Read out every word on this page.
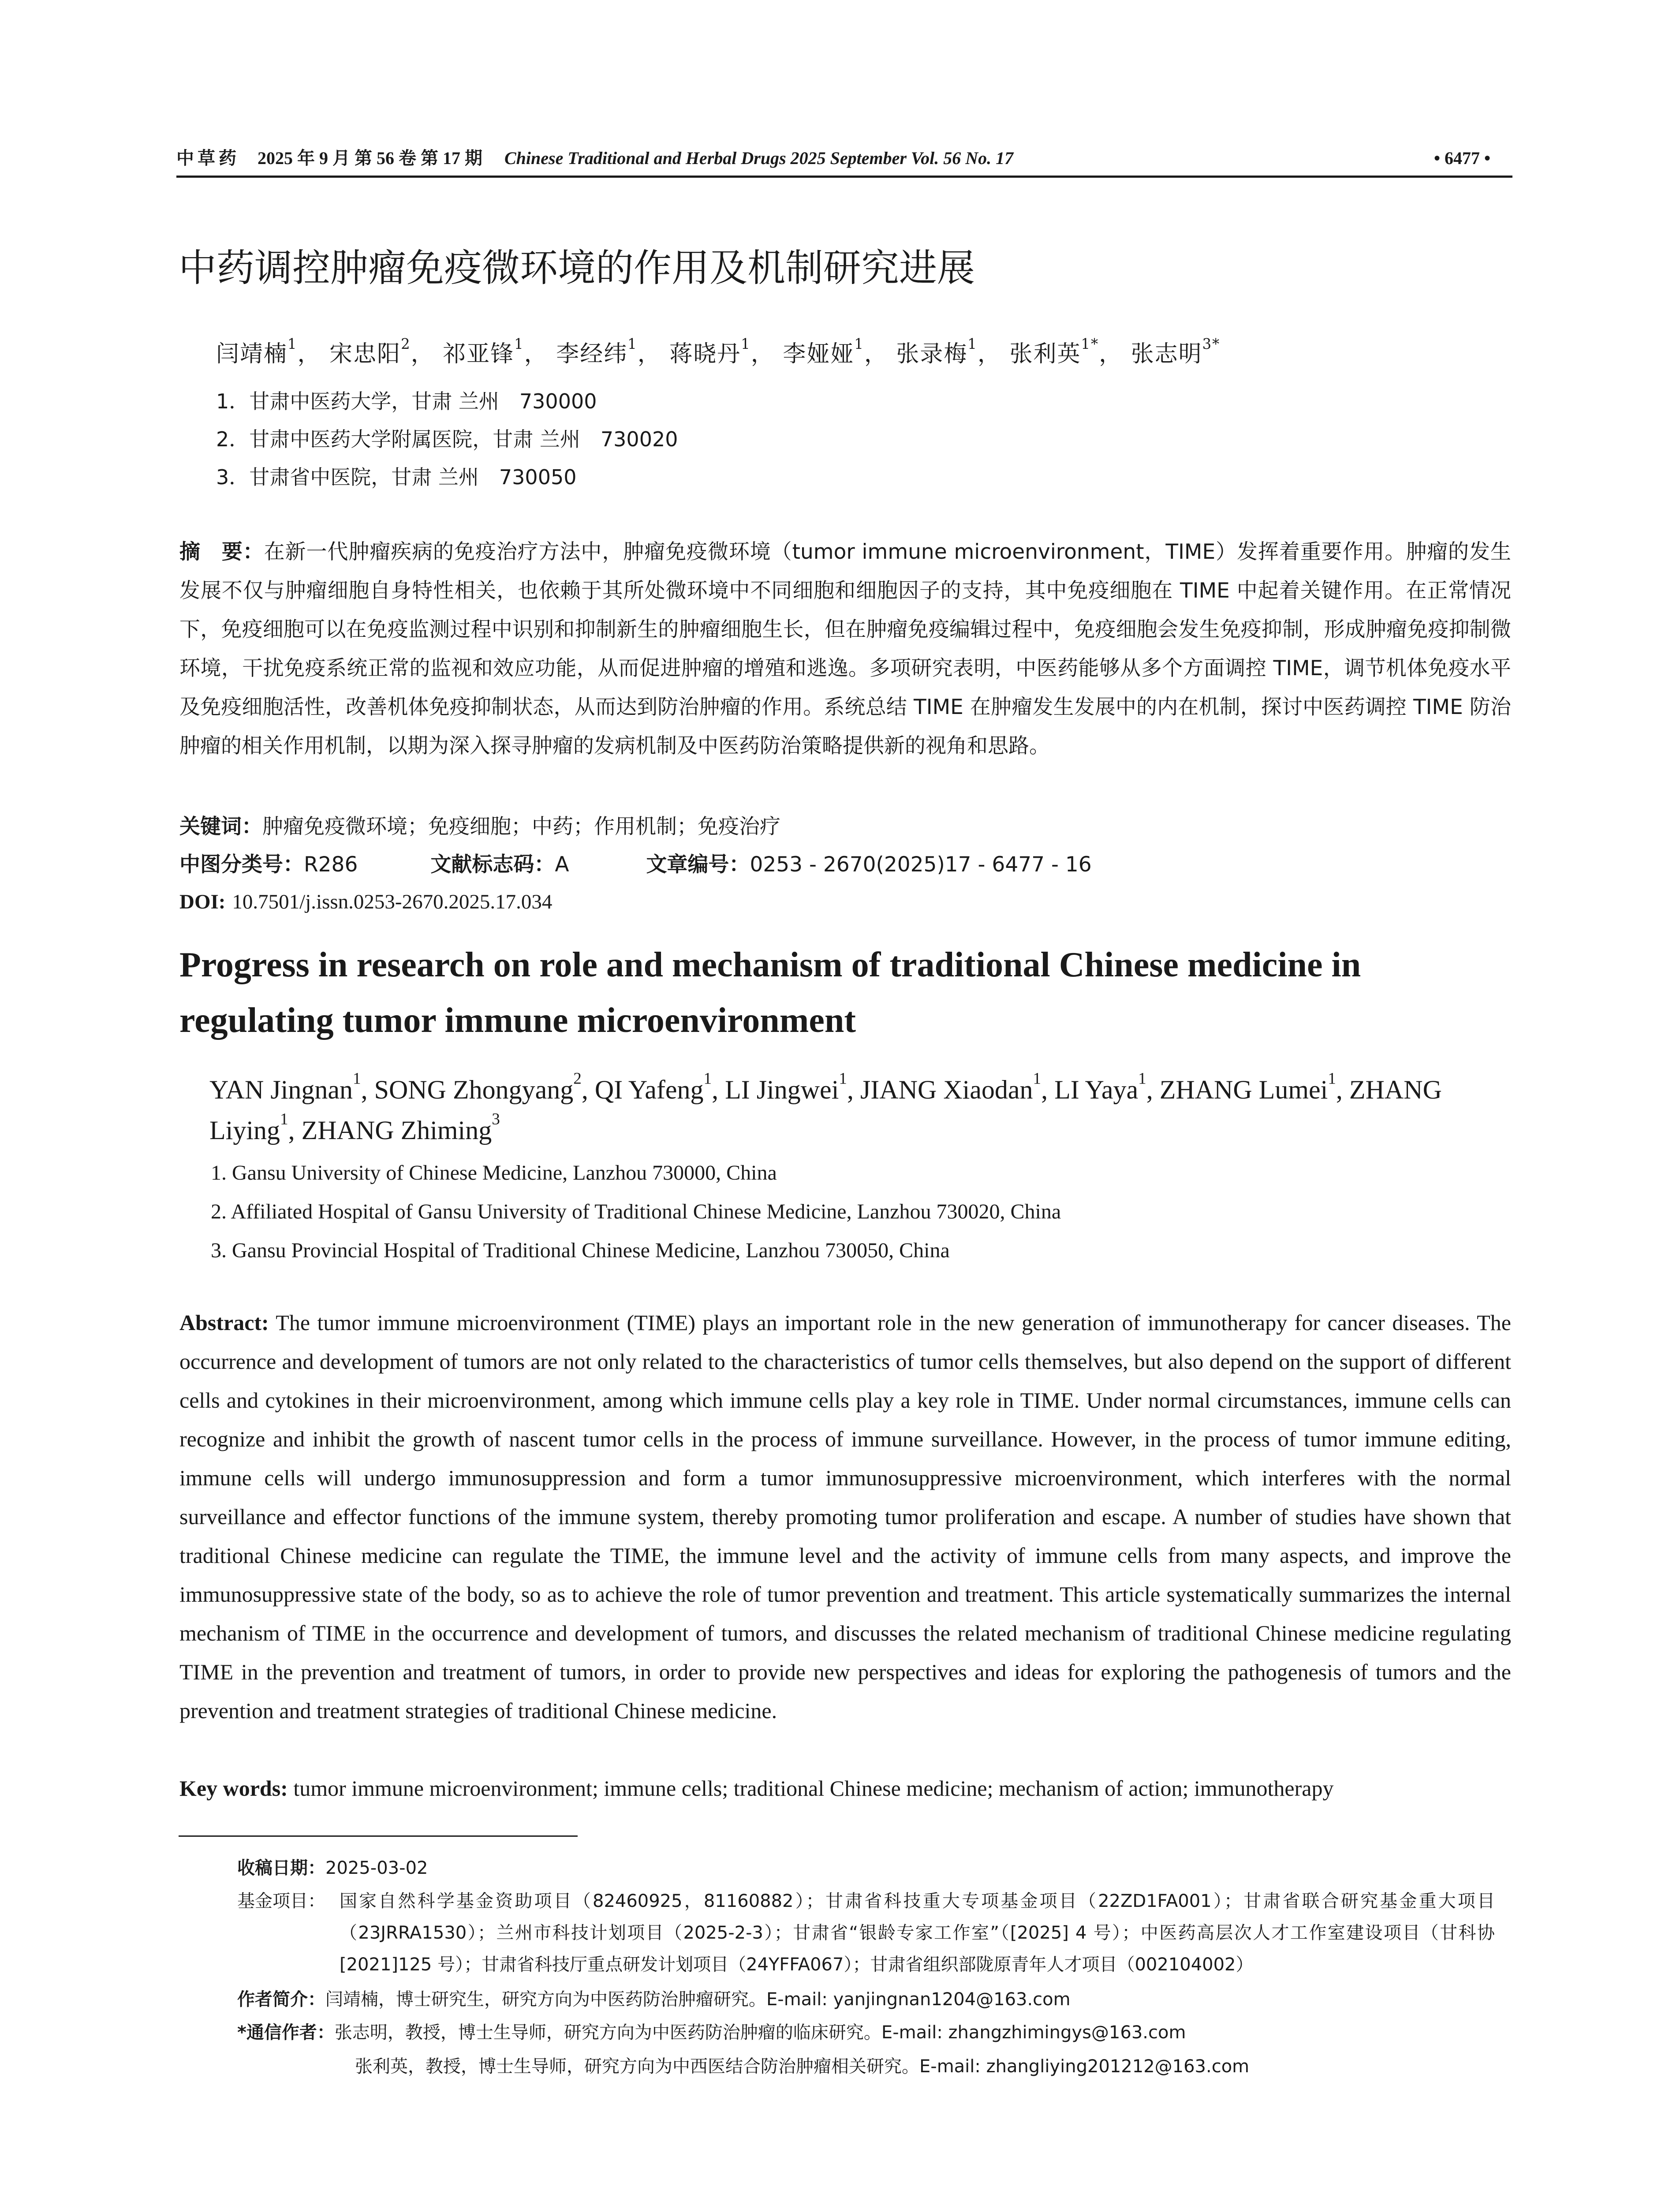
中草药 2025 年 9 月 第 56 卷 第 17 期 Chinese Traditional and Herbal Drugs 2025 September Vol. 56 No. 17	• 6477 •
中药调控肿瘤免疫微环境的作用及机制研究进展
闫靖楠$^1$， 宋忠阳$^2$， 祁亚锋$^1$， 李经纬$^1$， 蒋晓丹$^1$， 李娅娅$^1$， 张录梅$^1$， 张利英$^{1*}$， 张志明$^{3*}$
1．甘肃中医药大学，甘肃 兰州　730000
2．甘肃中医药大学附属医院，甘肃 兰州　730020
3．甘肃省中医院，甘肃 兰州　730050
摘　要：在新一代肿瘤疾病的免疫治疗方法中，肿瘤免疫微环境（tumor immune microenvironment，TIME）发挥着重要作用。肿瘤的发生发展不仅与肿瘤细胞自身特性相关，也依赖于其所处微环境中不同细胞和细胞因子的支持，其中免疫细胞在 TIME 中起着关键作用。在正常情况下，免疫细胞可以在免疫监测过程中识别和抑制新生的肿瘤细胞生长，但在肿瘤免疫编辑过程中，免疫细胞会发生免疫抑制，形成肿瘤免疫抑制微环境，干扰免疫系统正常的监视和效应功能，从而促进肿瘤的增殖和逃逸。多项研究表明，中医药能够从多个方面调控 TIME，调节机体免疫水平及免疫细胞活性，改善机体免疫抑制状态，从而达到防治肿瘤的作用。系统总结 TIME 在肿瘤发生发展中的内在机制，探讨中医药调控 TIME 防治肿瘤的相关作用机制，以期为深入探寻肿瘤的发病机制及中医药防治策略提供新的视角和思路。
关键词：肿瘤免疫微环境；免疫细胞；中药；作用机制；免疫治疗
中图分类号：R286	文献标志码：A	文章编号：0253 - 2670(2025)17 - 6477 - 16
DOI: 10.7501/j.issn.0253-2670.2025.17.034
Progress in research on role and mechanism of traditional Chinese medicine in regulating tumor immune microenvironment
YAN Jingnan$^1$, SONG Zhongyang$^2$, QI Yafeng$^1$, LI Jingwei$^1$, JIANG Xiaodan$^1$, LI Yaya$^1$, ZHANG Lumei$^1$, ZHANG Liying$^1$, ZHANG Zhiming$^3$
1. Gansu University of Chinese Medicine, Lanzhou 730000, China
2. Affiliated Hospital of Gansu University of Traditional Chinese Medicine, Lanzhou 730020, China
3. Gansu Provincial Hospital of Traditional Chinese Medicine, Lanzhou 730050, China
Abstract: The tumor immune microenvironment (TIME) plays an important role in the new generation of immunotherapy for cancer diseases. The occurrence and development of tumors are not only related to the characteristics of tumor cells themselves, but also depend on the support of different cells and cytokines in their microenvironment, among which immune cells play a key role in TIME. Under normal circumstances, immune cells can recognize and inhibit the growth of nascent tumor cells in the process of immune surveillance. However, in the process of tumor immune editing, immune cells will undergo immunosuppression and form a tumor immunosuppressive microenvironment, which interferes with the normal surveillance and effector functions of the immune system, thereby promoting tumor proliferation and escape. A number of studies have shown that traditional Chinese medicine can regulate the TIME, the immune level and the activity of immune cells from many aspects, and improve the immunosuppressive state of the body, so as to achieve the role of tumor prevention and treatment. This article systematically summarizes the internal mechanism of TIME in the occurrence and development of tumors, and discusses the related mechanism of traditional Chinese medicine regulating TIME in the prevention and treatment of tumors, in order to provide new perspectives and ideas for exploring the pathogenesis of tumors and the prevention and treatment strategies of traditional Chinese medicine.
Key words: tumor immune microenvironment; immune cells; traditional Chinese medicine; mechanism of action; immunotherapy
收稿日期：2025-03-02
基金项目： 国家自然科学基金资助项目（82460925，81160882）；甘肃省科技重大专项基金项目（22ZD1FA001）；甘肃省联合研究基金重大项目（23JRRA1530）；兰州市科技计划项目（2025-2-3）；甘肃省“银龄专家工作室”（[2025] 4 号）；中医药高层次人才工作室建设项目（甘科协[2021]125 号）；甘肃省科技厅重点研发计划项目（24YFFA067）；甘肃省组织部陇原青年人才项目（002104002）
作者简介：闫靖楠，博士研究生，研究方向为中医药防治肿瘤研究。E-mail: yanjingnan1204@163.com
*通信作者：张志明，教授，博士生导师，研究方向为中医药防治肿瘤的临床研究。E-mail: zhangzhimingys@163.com
张利英，教授，博士生导师，研究方向为中西医结合防治肿瘤相关研究。E-mail: zhangliying201212@163.com
